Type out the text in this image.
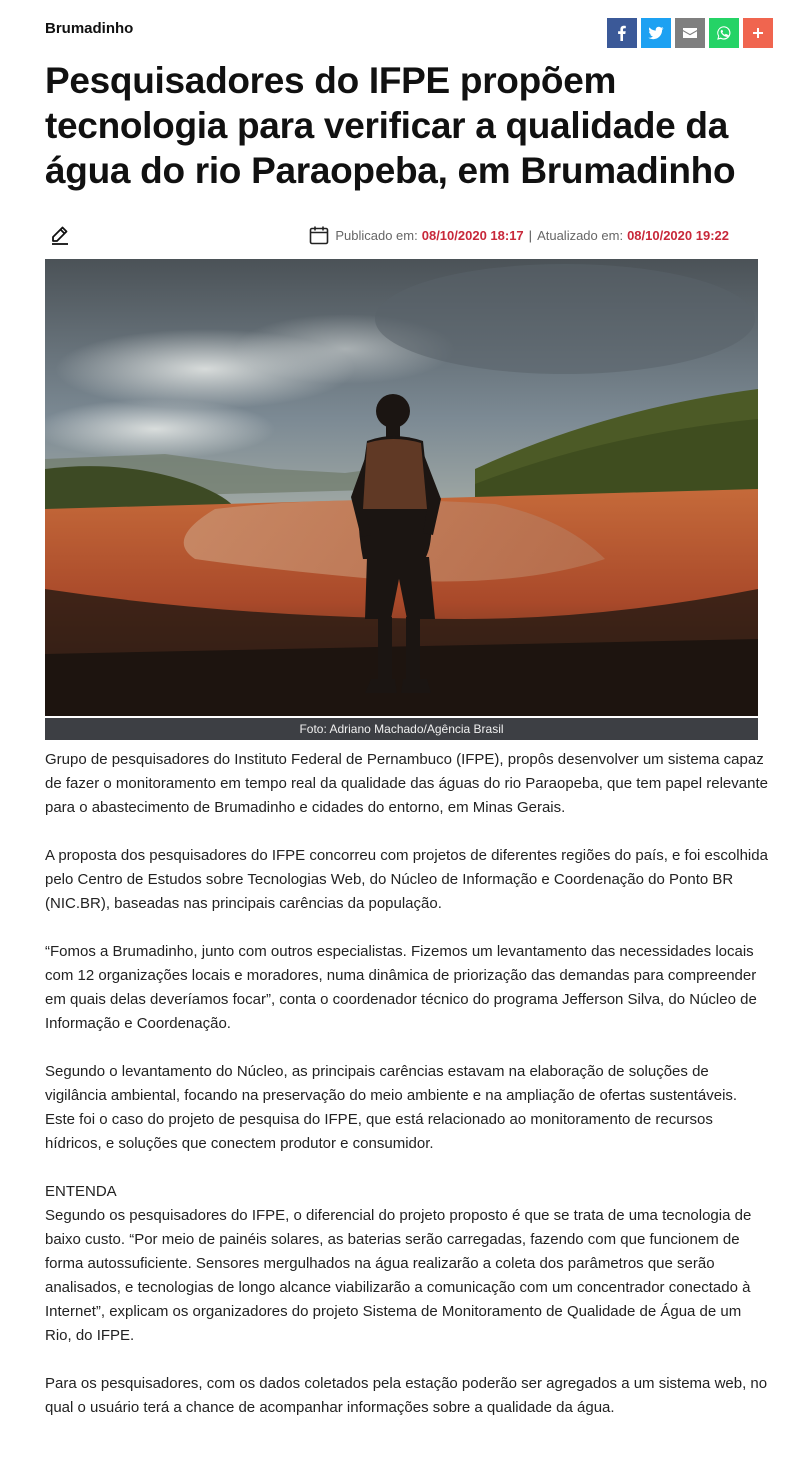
Brumadinho
Pesquisadores do IFPE propõem tecnologia para verificar a qualidade da água do rio Paraopeba, em Brumadinho
Publicado em: 08/10/2020 18:17 | Atualizado em: 08/10/2020 19:22
Foto: Adriano Machado/Agência Brasil

Grupo de pesquisadores do Instituto Federal de Pernambuco (IFPE), propôs desenvolver um sistema capaz de fazer o monitoramento em tempo real da qualidade das águas do rio Paraopeba, que tem papel relevante para o abastecimento de Brumadinho e cidades do entorno, em Minas Gerais.

A proposta dos pesquisadores do IFPE concorreu com projetos de diferentes regiões do país, e foi escolhida pelo Centro de Estudos sobre Tecnologias Web, do Núcleo de Informação e Coordenação do Ponto BR (NIC.BR), baseadas nas principais carências da população.

“Fomos a Brumadinho, junto com outros especialistas. Fizemos um levantamento das necessidades locais com 12 organizações locais e moradores, numa dinâmica de priorização das demandas para compreender em quais delas deveríamos focar”, conta o coordenador técnico do programa Jefferson Silva, do Núcleo de Informação e Coordenação.

Segundo o levantamento do Núcleo, as principais carências estavam na elaboração de soluções de vigilância ambiental, focando na preservação do meio ambiente e na ampliação de ofertas sustentáveis. Este foi o caso do projeto de pesquisa do IFPE, que está relacionado ao monitoramento de recursos hídricos, e soluções que conectem produtor e consumidor.

ENTENDA

Segundo os pesquisadores do IFPE, o diferencial do projeto proposto é que se trata de uma tecnologia de baixo custo. “Por meio de painéis solares, as baterias serão carregadas, fazendo com que funcionem de forma autossuficiente. Sensores mergulhados na água realizarão a coleta dos parâmetros que serão analisados, e tecnologias de longo alcance viabilizarão a comunicação com um concentrador conectado à Internet”, explicam os organizadores do projeto Sistema de Monitoramento de Qualidade de Água de um Rio, do IFPE.

Para os pesquisadores, com os dados coletados pela estação poderão ser agregados a um sistema web, no qual o usuário terá a chance de acompanhar informações sobre a qualidade da água.
